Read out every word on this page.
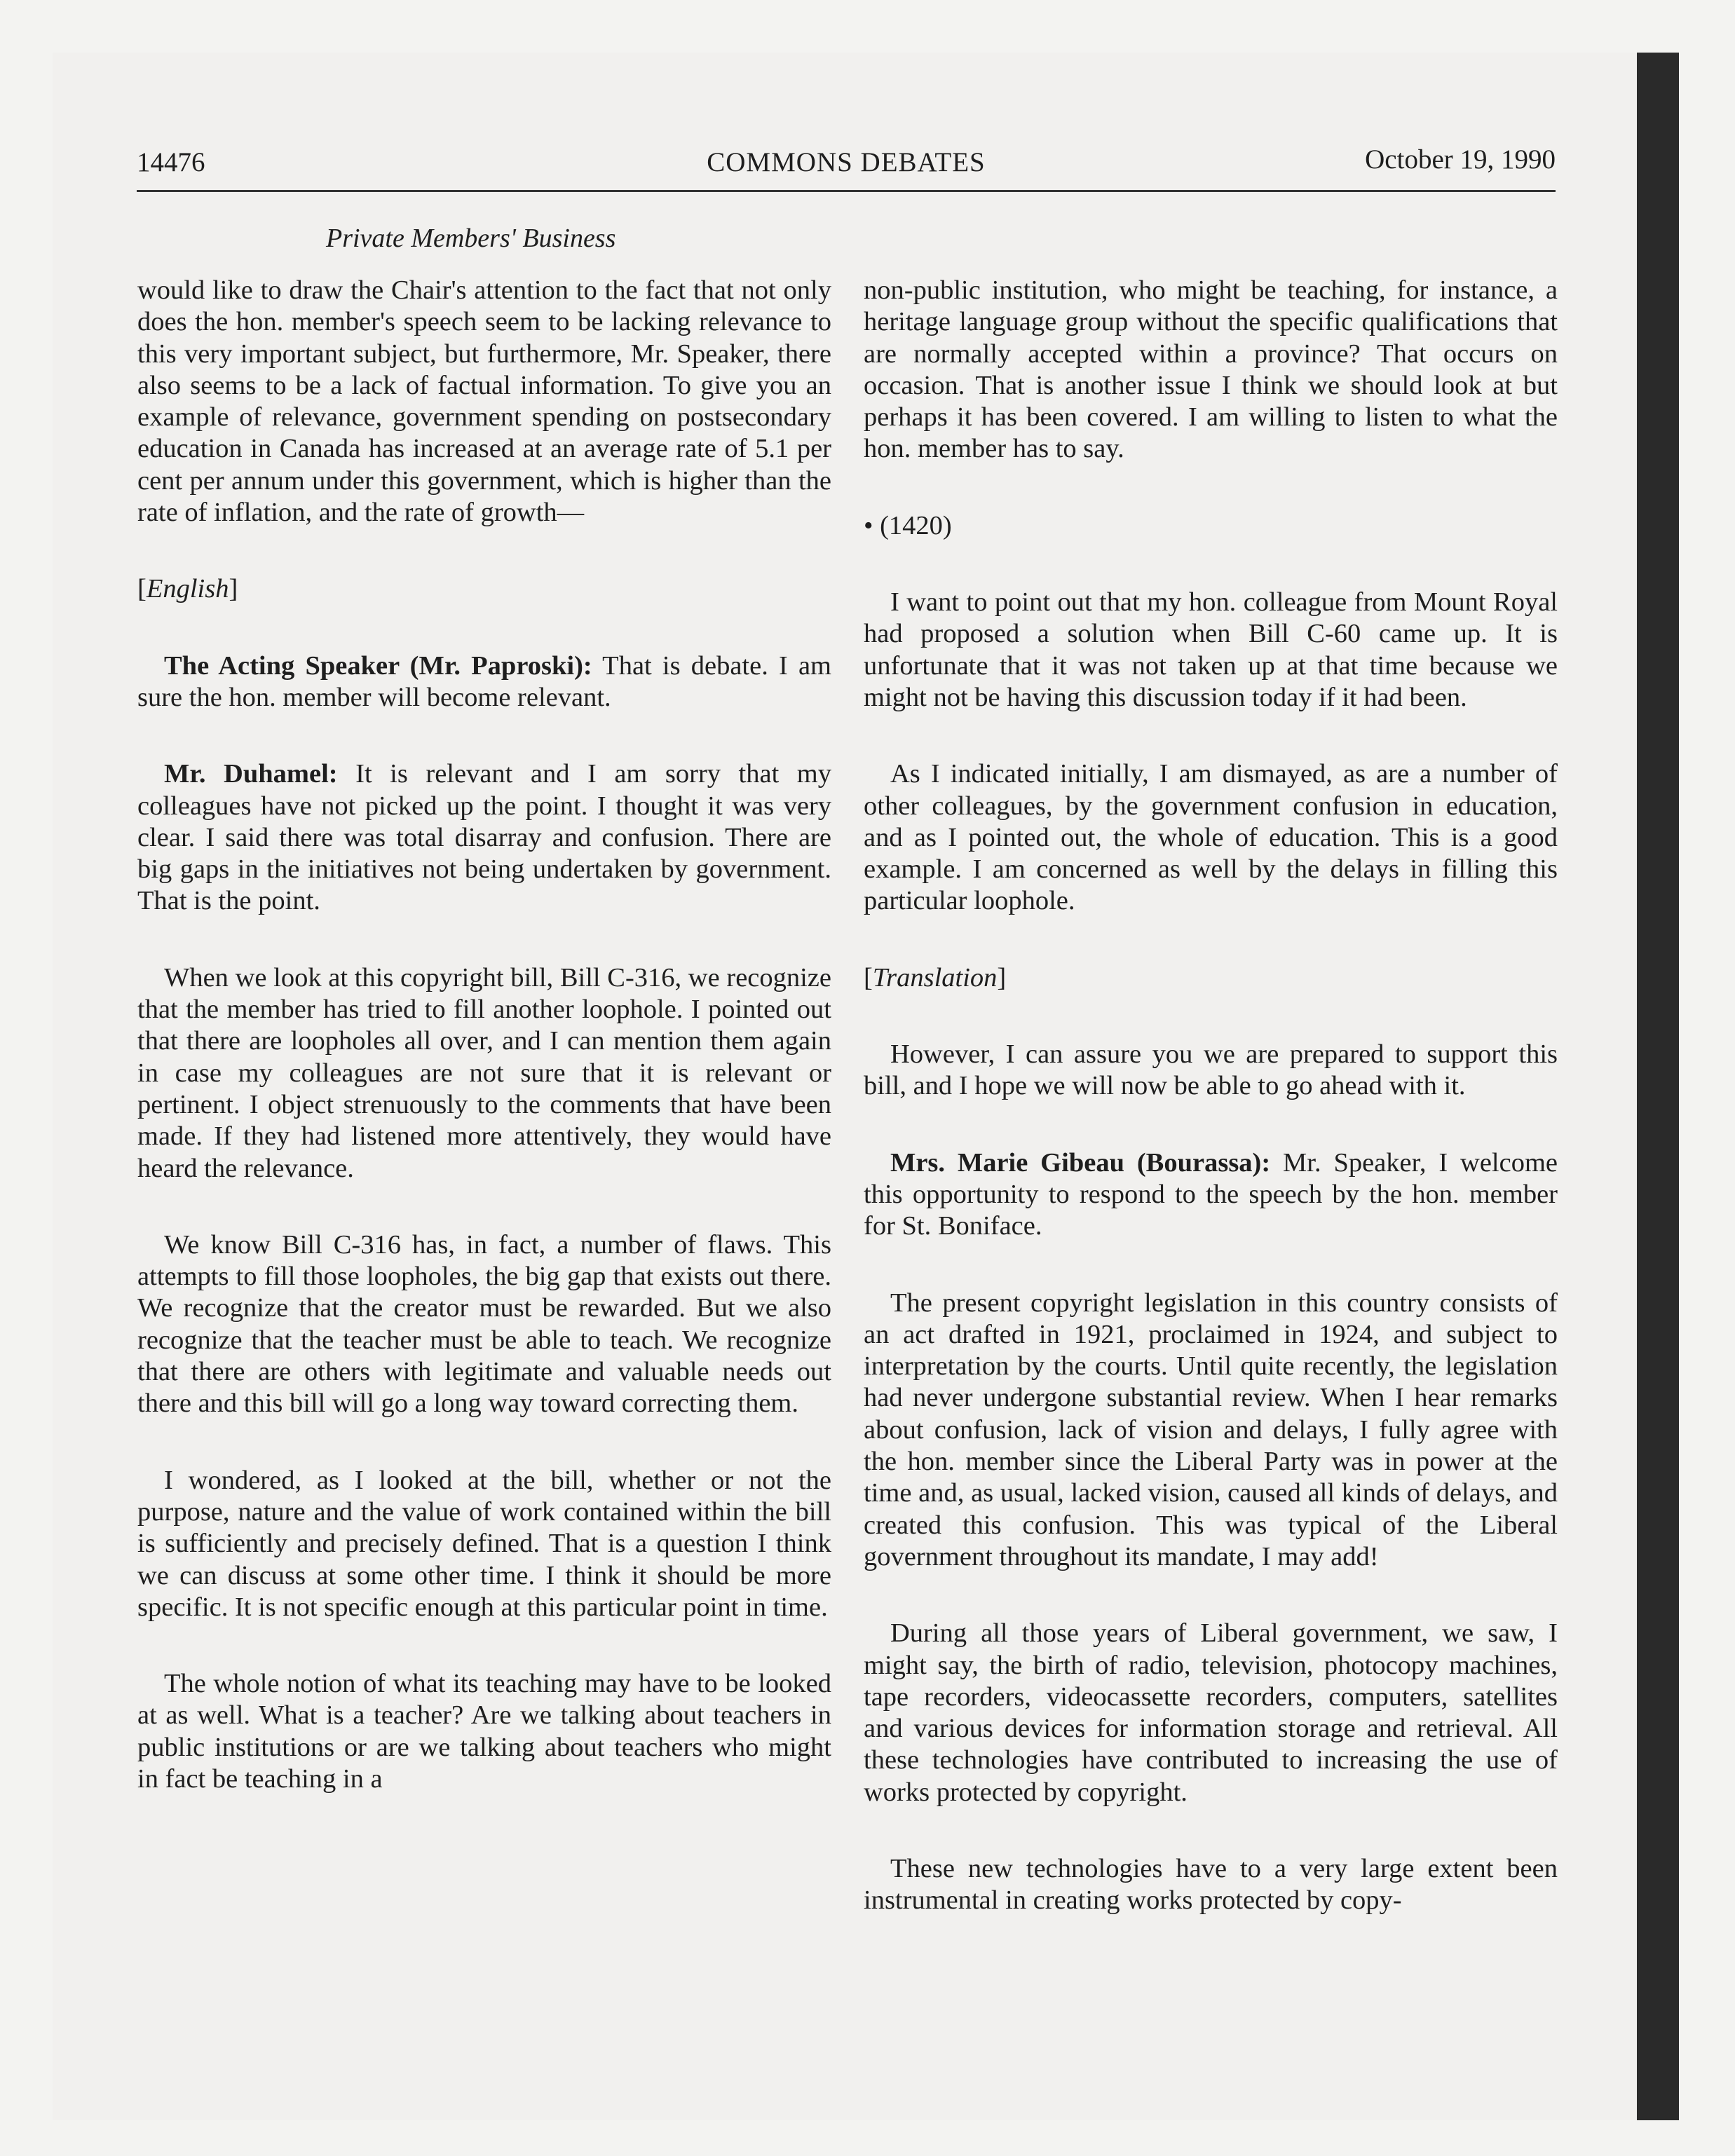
14476	COMMONS DEBATES	October 19, 1990
Private Members' Business

would like to draw the Chair's attention to the fact that not only does the hon. member's speech seem to be lacking relevance to this very important subject, but furthermore, Mr. Speaker, there also seems to be a lack of factual information. To give you an example of relevance, government spending on postsecondary education in Canada has increased at an average rate of 5.1 per cent per annum under this government, which is higher than the rate of inflation, and the rate of growth—

[English]

The Acting Speaker (Mr. Paproski): That is debate. I am sure the hon. member will become relevant.

Mr. Duhamel: It is relevant and I am sorry that my colleagues have not picked up the point. I thought it was very clear. I said there was total disarray and confusion. There are big gaps in the initiatives not being undertaken by government. That is the point.

When we look at this copyright bill, Bill C-316, we recognize that the member has tried to fill another loophole. I pointed out that there are loopholes all over, and I can mention them again in case my colleagues are not sure that it is relevant or pertinent. I object strenuously to the comments that have been made. If they had listened more attentively, they would have heard the relevance.

We know Bill C-316 has, in fact, a number of flaws. This attempts to fill those loopholes, the big gap that exists out there. We recognize that the creator must be rewarded. But we also recognize that the teacher must be able to teach. We recognize that there are others with legitimate and valuable needs out there and this bill will go a long way toward correcting them.

I wondered, as I looked at the bill, whether or not the purpose, nature and the value of work contained within the bill is sufficiently and precisely defined. That is a question I think we can discuss at some other time. I think it should be more specific. It is not specific enough at this particular point in time.

The whole notion of what its teaching may have to be looked at as well. What is a teacher? Are we talking about teachers in public institutions or are we talking about teachers who might in fact be teaching in a

non-public institution, who might be teaching, for instance, a heritage language group without the specific qualifications that are normally accepted within a province? That occurs on occasion. That is another issue I think we should look at but perhaps it has been covered. I am willing to listen to what the hon. member has to say.

• (1420)

I want to point out that my hon. colleague from Mount Royal had proposed a solution when Bill C-60 came up. It is unfortunate that it was not taken up at that time because we might not be having this discussion today if it had been.

As I indicated initially, I am dismayed, as are a number of other colleagues, by the government confusion in education, and as I pointed out, the whole of education. This is a good example. I am concerned as well by the delays in filling this particular loophole.

[Translation]

However, I can assure you we are prepared to support this bill, and I hope we will now be able to go ahead with it.

Mrs. Marie Gibeau (Bourassa): Mr. Speaker, I welcome this opportunity to respond to the speech by the hon. member for St. Boniface.

The present copyright legislation in this country consists of an act drafted in 1921, proclaimed in 1924, and subject to interpretation by the courts. Until quite recently, the legislation had never undergone substantial review. When I hear remarks about confusion, lack of vision and delays, I fully agree with the hon. member since the Liberal Party was in power at the time and, as usual, lacked vision, caused all kinds of delays, and created this confusion. This was typical of the Liberal government throughout its mandate, I may add!

During all those years of Liberal government, we saw, I might say, the birth of radio, television, photocopy machines, tape recorders, videocassette recorders, computers, satellites and various devices for information storage and retrieval. All these technologies have contributed to increasing the use of works protected by copyright.

These new technologies have to a very large extent been instrumental in creating works protected by copy-
